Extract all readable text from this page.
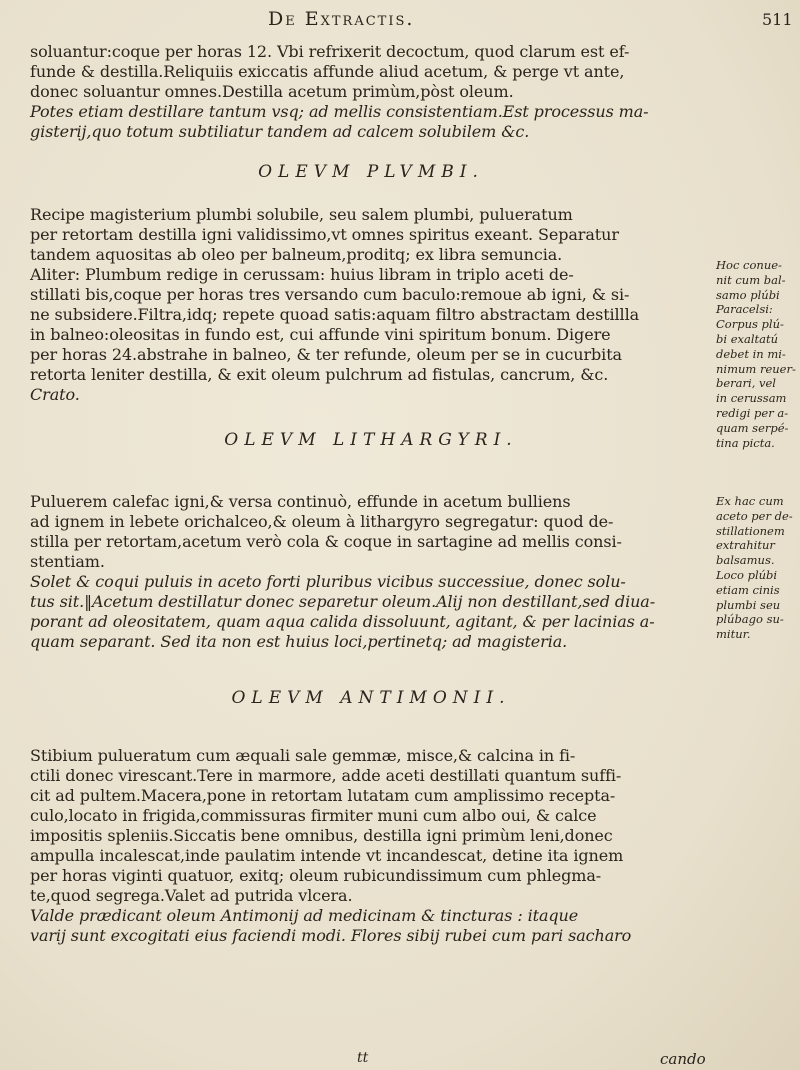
De Extractis.	511
soluantur:coque per horas 12. Vbi refrixerit decoctum, quod clarum est ef-
funde & destilla.Reliquiis exiccatis affunde aliud acetum, & perge vt ante,
donec soluantur omnes.Destilla acetum primùm,pòst oleum.
Potes etiam destillare tantum vsq; ad mellis consistentiam.Est processus ma-
gisterij,quo totum subtiliatur tandem ad calcem solubilem &c.
OLEVM PLVMBI.
Recipe magisterium plumbi solubile, seu salem plumbi, pulueratum
per retortam destilla igni validissimo,vt omnes spiritus exeant. Separatur
tandem aquositas ab oleo per balneum,proditq; ex libra semuncia.
Aliter: Plumbum redige in cerussam: huius libram in triplo aceti de-
stillati bis,coque per horas tres versando cum baculo:remoue ab igni, & si-
ne subsidere.Filtra,idq; repete quoad satis:aquam filtro abstractam destillla
in balneo:oleositas in fundo est, cui affunde vini spiritum bonum. Digere
per horas 24.abstrahe in balneo, & ter refunde, oleum per se in cucurbita
retorta leniter destilla, & exit oleum pulchrum ad fistulas, cancrum, &c.
Crato.
OLEVM LITHARGYRI.
Puluerem calefac igni,& versa continuò, effunde in acetum bulliens
ad ignem in lebete orichalceo,& oleum à lithargyro segregatur: quod de-
stilla per retortam,acetum verò cola & coque in sartagine ad mellis consi-
stentiam.
Solet & coqui puluis in aceto forti pluribus vicibus successiue, donec solu-
tus sit.‖Acetum destillatur donec separetur oleum.Alij non destillant,sed diua-
porant ad oleositatem, quam aqua calida dissoluunt, agitant, & per lacinias a-
quam separant. Sed ita non est huius loci,pertinetq; ad magisteria.
OLEVM ANTIMONII.
Stibium pulueratum cum æquali sale gemmæ, misce,& calcina in fi-
ctili donec virescant.Tere in marmore, adde aceti destillati quantum suffi-
cit ad pultem.Macera,pone in retortam lutatam cum amplissimo recepta-
culo,locato in frigida,commissuras firmiter muni cum albo oui, & calce
impositis spleniis.Siccatis bene omnibus, destilla igni primùm leni,donec
ampulla incalescat,inde paulatim intende vt incandescat, detine ita ignem
per horas viginti quatuor, exitq; oleum rubicundissimum cum phlegma-
te,quod segrega.Valet ad putrida vlcera.
Valde prædicant oleum Antimonij ad medicinam & tincturas : itaque
varij sunt excogitati eius faciendi modi. Flores sibij rubei cum pari sacharo
Hoc conue-
nit cum bal-
samo plúbi
Paracelsi:
Corpus plú-
bi exaltatú
debet in mi-
nimum reuer-
berari, vel
in cerussam
redigi per a-
quam serpé-
tina picta.
Ex hac cum
aceto per de-
stillationem
extrahitur
balsamus.
Loco plúbi
etiam cinis
plumbi seu
plúbago su-
mitur.
tt	cando
